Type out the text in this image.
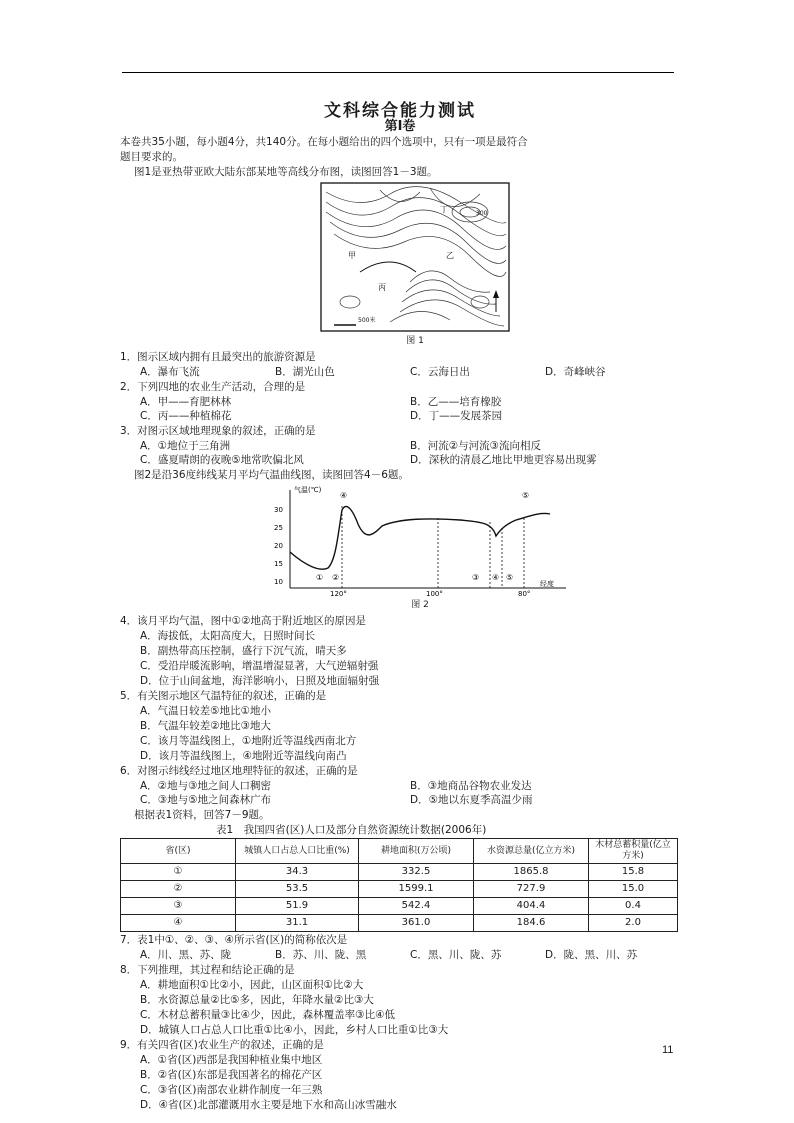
文科综合能力测试
第Ⅰ卷
本卷共35小题，每小题4分，共140分。在每小题给出的四个选项中，只有一项是最符合
题目要求的。
图1是亚热带亚欧大陆东部某地等高线分布图，读图回答1－3题。
丁	300
甲	乙
丙
500米
图 1
1．图示区域内拥有且最突出的旅游资源是
A．瀑布飞流	B．湖光山色	C．云海日出	D．奇峰峡谷
2．下列四地的农业生产活动，合理的是
A．甲——育肥林林	B．乙——培育橡胶
C．丙——种植棉花	D．丁——发展茶园
3．对图示区域地理现象的叙述，正确的是
A．①地位于三角洲	B．河流②与河流③流向相反
C．盛夏晴朗的夜晚⑤地常吹偏北风	D．深秋的清晨乙地比甲地更容易出现雾
图2是沿36度纬线某月平均气温曲线图，读图回答4－6题。
气温(℃)
30
25
20
15
10
④	⑤
① ②	③ ④ ⑤
120°	100°	80°
经度
图 2
4．该月平均气温，图中①②地高于附近地区的原因是
A．海拔低，太阳高度大，日照时间长
B．副热带高压控制，盛行下沉气流，晴天多
C．受沿岸暖流影响，增温增湿显著，大气逆辐射强
D．位于山间盆地，海洋影响小，日照及地面辐射强
5．有关图示地区气温特征的叙述，正确的是
A．气温日较差⑤地比①地小
B．气温年较差②地比③地大
C．该月等温线图上，①地附近等温线西南北方
D．该月等温线图上，④地附近等温线向南凸
6．对图示纬线经过地区地理特征的叙述，正确的是
A．②地与③地之间人口稠密	B．③地商品谷物农业发达
C．③地与⑤地之间森林广布	D．⑤地以东夏季高温少雨
根据表1资料，回答7－9题。
表1　我国四省(区)人口及部分自然资源统计数据(2006年)
省(区)	城镇人口占总人口比重(%)	耕地面积(万公顷)	水资源总量(亿立方米)	木材总蓄积量(亿立方米)
①	34.3	332.5	1865.8	15.8
②	53.5	1599.1	727.9	15.0
③	51.9	542.4	404.4	0.4
④	31.1	361.0	184.6	2.0
7．表1中①、②、③、④所示省(区)的简称依次是
A．川、黑、苏、陇	B．苏、川、陇、黑	C．黑、川、陇、苏	D．陇、黑、川、苏
8．下列推理，其过程和结论正确的是
A．耕地面积①比②小，因此，山区面积①比②大
B．水资源总量②比⑤多，因此，年降水量②比③大
C．木材总蓄积量③比④少，因此，森林覆盖率③比④低
D．城镇人口占总人口比重①比④小，因此，乡村人口比重①比③大
9．有关四省(区)农业生产的叙述，正确的是
A．①省(区)西部是我国种植业集中地区
B．②省(区)东部是我国著名的棉花产区
C．③省(区)南部农业耕作制度一年三熟
D．④省(区)北部灌溉用水主要是地下水和高山冰雪融水
11
